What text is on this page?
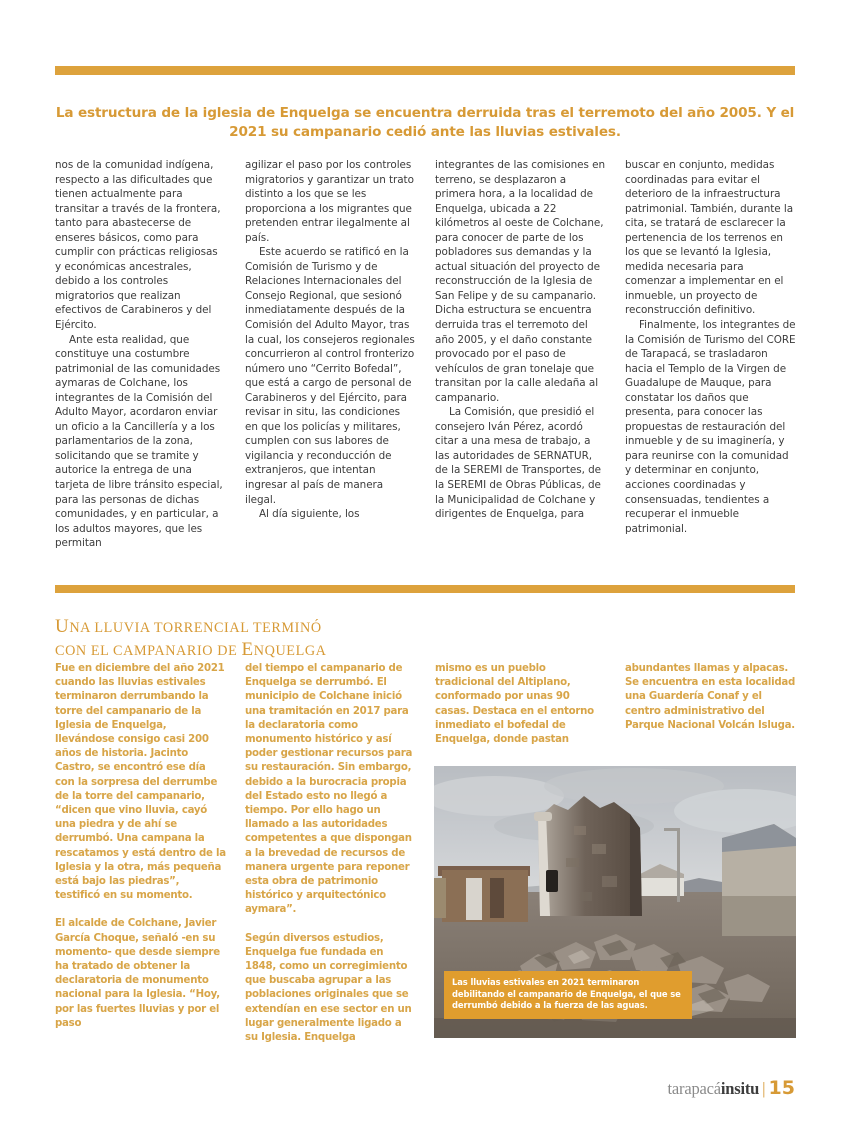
La estructura de la iglesia de Enquelga se encuentra derruida tras el terremoto del año 2005. Y el 2021 su campanario cedió ante las lluvias estivales.

nos de la comunidad indígena, respecto a las dificultades que tienen actualmente para transitar a través de la frontera, tanto para abastecerse de enseres básicos, como para cumplir con prácticas religiosas y económicas ancestrales, debido a los controles migratorios que realizan efectivos de Carabineros y del Ejército.

Ante esta realidad, que constituye una costumbre patrimonial de las comunidades aymaras de Colchane, los integrantes de la Comisión del Adulto Mayor, acordaron enviar un oficio a la Cancillería y a los parlamentarios de la zona, solicitando que se tramite y autorice la entrega de una tarjeta de libre tránsito especial, para las personas de dichas comunidades, y en particular, a los adultos mayores, que les permitan

agilizar el paso por los controles migratorios y garantizar un trato distinto a los que se les proporciona a los migrantes que pretenden entrar ilegalmente al país.

Este acuerdo se ratificó en la Comisión de Turismo y de Relaciones Internacionales del Consejo Regional, que sesionó inmediatamente después de la Comisión del Adulto Mayor, tras la cual, los consejeros regionales concurrieron al control fronterizo número uno “Cerrito Bofedal”, que está a cargo de personal de Carabineros y del Ejército, para revisar in situ, las condiciones en que los policías y militares, cumplen con sus labores de vigilancia y reconducción de extranjeros, que intentan ingresar al país de manera ilegal.

Al día siguiente, los

integrantes de las comisiones en terreno, se desplazaron a primera hora, a la localidad de Enquelga, ubicada a 22 kilómetros al oeste de Colchane, para conocer de parte de los pobladores sus demandas y la actual situación del proyecto de reconstrucción de la Iglesia de San Felipe y de su campanario. Dicha estructura se encuentra derruida tras el terremoto del año 2005, y el daño constante provocado por el paso de vehículos de gran tonelaje que transitan por la calle aledaña al campanario.

La Comisión, que presidió el consejero Iván Pérez, acordó citar a una mesa de trabajo, a las autoridades de SERNATUR, de la SEREMI de Transportes, de la SEREMI de Obras Públicas, de la Municipalidad de Colchane y dirigentes de Enquelga, para

buscar en conjunto, medidas coordinadas para evitar el deterioro de la infraestructura patrimonial. También, durante la cita, se tratará de esclarecer la pertenencia de los terrenos en los que se levantó la Iglesia, medida necesaria para comenzar a implementar en el inmueble, un proyecto de reconstrucción definitivo.

Finalmente, los integrantes de la Comisión de Turismo del CORE de Tarapacá, se trasladaron hacia el Templo de la Virgen de Guadalupe de Mauque, para constatar los daños que presenta, para conocer las propuestas de restauración del inmueble y de su imaginería, y para reunirse con la comunidad y determinar en conjunto, acciones coordinadas y consensuadas, tendientes a recuperar el inmueble patrimonial.

UNA LLUVIA TORRENCIAL TERMINÓ
CON EL CAMPANARIO DE ENQUELGA

Fue en diciembre del año 2021 cuando las lluvias estivales terminaron derrumbando la torre del campanario de la Iglesia de Enquelga, llevándose consigo casi 200 años de historia. Jacinto Castro, se encontró ese día con la sorpresa del derrumbe de la torre del campanario, “dicen que vino lluvia, cayó una piedra y de ahí se derrumbó. Una campana la rescatamos y está dentro de la Iglesia y la otra, más pequeña está bajo las piedras”, testificó en su momento.

El alcalde de Colchane, Javier García Choque, señaló -en su momento- que desde siempre ha tratado de obtener la declaratoria de monumento nacional para la Iglesia. “Hoy, por las fuertes lluvias y por el paso

del tiempo el campanario de Enquelga se derrumbó. El municipio de Colchane inició una tramitación en 2017 para la declaratoria como monumento histórico y así poder gestionar recursos para su restauración. Sin embargo, debido a la burocracia propia del Estado esto no llegó a tiempo. Por ello hago un llamado a las autoridades competentes a que dispongan a la brevedad de recursos de manera urgente para reponer esta obra de patrimonio histórico y arquitectónico aymara”.

Según diversos estudios, Enquelga fue fundada en 1848, como un corregimiento que buscaba agrupar a las poblaciones originales que se extendían en ese sector en un lugar generalmente ligado a su Iglesia. Enquelga

mismo es un pueblo tradicional del Altiplano, conformado por unas 90 casas. Destaca en el entorno inmediato el bofedal de Enquelga, donde pastan

abundantes llamas y alpacas. Se encuentra en esta localidad una Guardería Conaf y el centro administrativo del Parque Nacional Volcán Isluga.

Las lluvias estivales en 2021 terminaron debilitando el campanario de Enquelga, el que se derrumbó debido a la fuerza de las aguas.
tarapacá insitu | 15
